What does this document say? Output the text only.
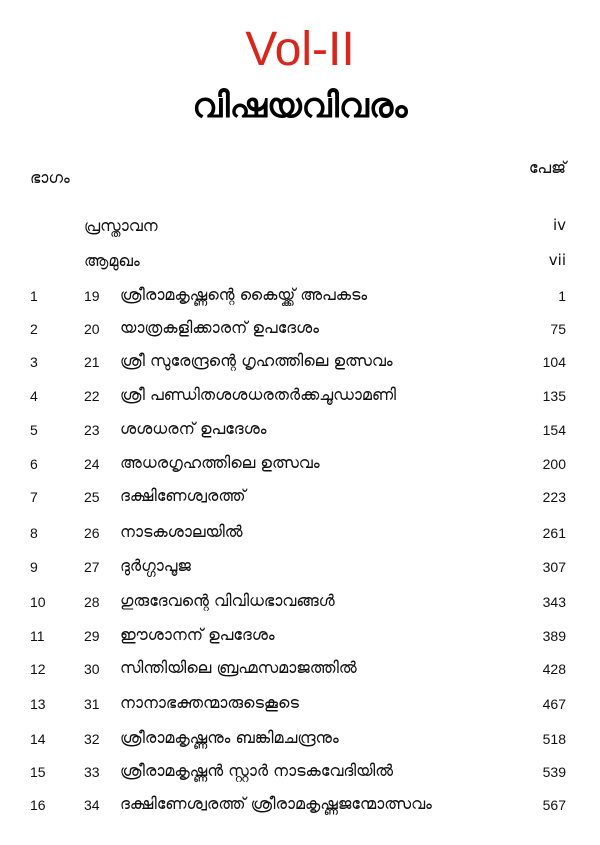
Vol-II
വിഷയവിവരം
ഭാഗം
പേജ്
പ്രസ്താവന	iv
ആമുഖം	vii
1	19 ശ്രീരാമകൃഷ്ണന്റെ കൈയ്ക്ക് അപകടം	1
2	20 യാത്രകളിക്കാരന് ഉപദേശം	75
3	21 ശ്രീ സുരേന്ദ്രന്റെ ഗൃഹത്തിലെ ഉത്സവം	104
4	22 ശ്രീ പണ്ഡിതശശധരതർക്കചൂഡാമണി	135
5	23 ശശധരന് ഉപദേശം	154
6	24 അധരഗൃഹത്തിലെ ഉത്സവം	200
7	25 ദക്ഷിണേശ്വരത്ത്	223
8	26 നാടകശാലയിൽ	261
9	27 ദുർഗ്ഗാപൂജ	307
10	28 ഗുരുദേവന്റെ വിവിധഭാവങ്ങൾ	343
11	29 ഈശാനന് ഉപദേശം	389
12	30 സിന്തിയിലെ ബ്രഹ്മസമാജത്തിൽ	428
13	31 നാനാഭക്തന്മാരുടെകൂടെ	467
14	32 ശ്രീരാമകൃഷ്ണനും ബങ്കിമചന്ദ്രനും	518
15	33 ശ്രീരാമകൃഷ്ണൻ സ്റ്റാർ നാടകവേദിയിൽ	539
16	34 ദക്ഷിണേശ്വരത്ത് ശ്രീരാമകൃഷ്ണജന്മോത്സവം	567
